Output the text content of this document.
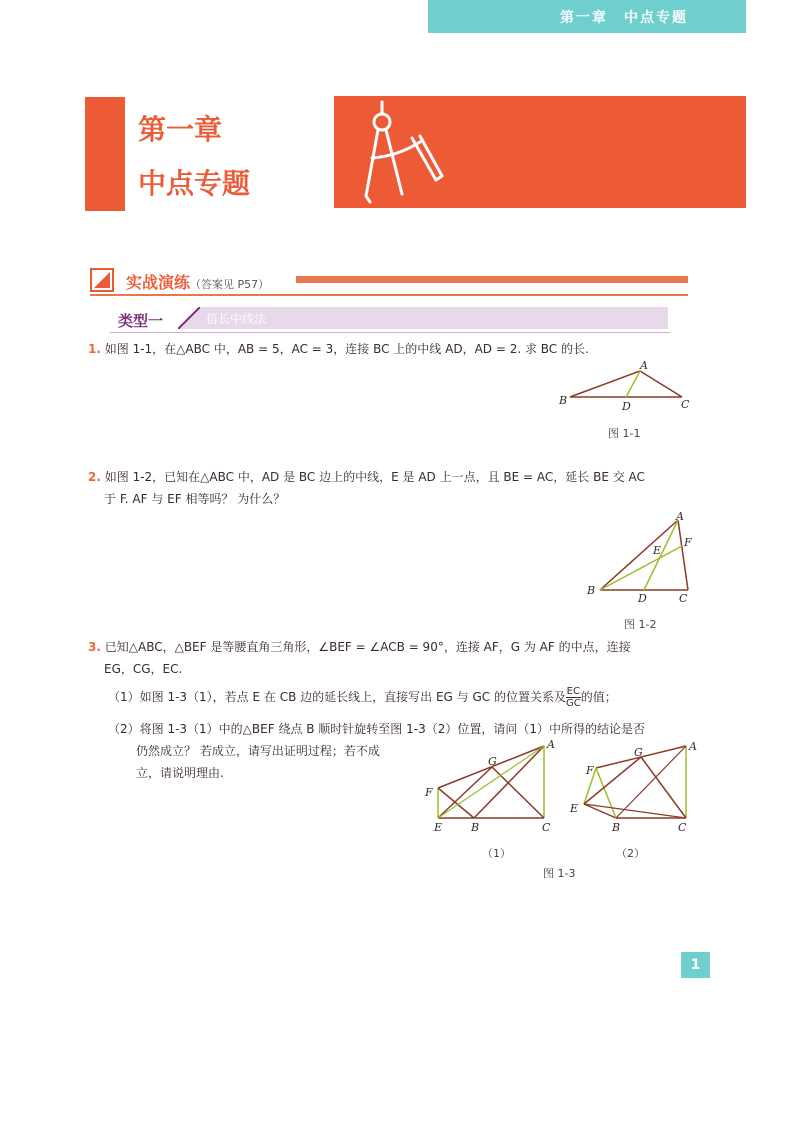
第一章　中点专题
第一章
中点专题
实战演练（答案见 P57）
类型一	倍长中线法
1. 如图 1-1，在△ABC 中，AB = 5，AC = 3，连接 BC 上的中线 AD，AD = 2. 求 BC 的长.
A
B	C
D
图 1-1
2. 如图 1-2，已知在△ABC 中，AD 是 BC 边上的中线，E 是 AD 上一点，且 BE = AC，延长 BE 交 AC
于 F. AF 与 EF 相等吗？ 为什么？
A
B
C
D
E
F
图 1-2
3. 已知△ABC，△BEF 是等腰直角三角形，∠BEF = ∠ACB = 90°，连接 AF，G 为 AF 的中点，连接
EG，CG，EC.
（1）如图 1-3（1），若点 E 在 CB 边的延长线上，直接写出 EG 与 GC 的位置关系及 $\frac{EC}{GC}$ 的值；
（2）将图 1-3（1）中的△BEF 绕点 B 顺时针旋转至图 1-3（2）位置，请问（1）中所得的结论是否
仍然成立？ 若成立，请写出证明过程；若不成
立，请说明理由.
A
B	C
E
F
G
A
B	C
E
F
G
（1）	（2）
图 1-3
1
